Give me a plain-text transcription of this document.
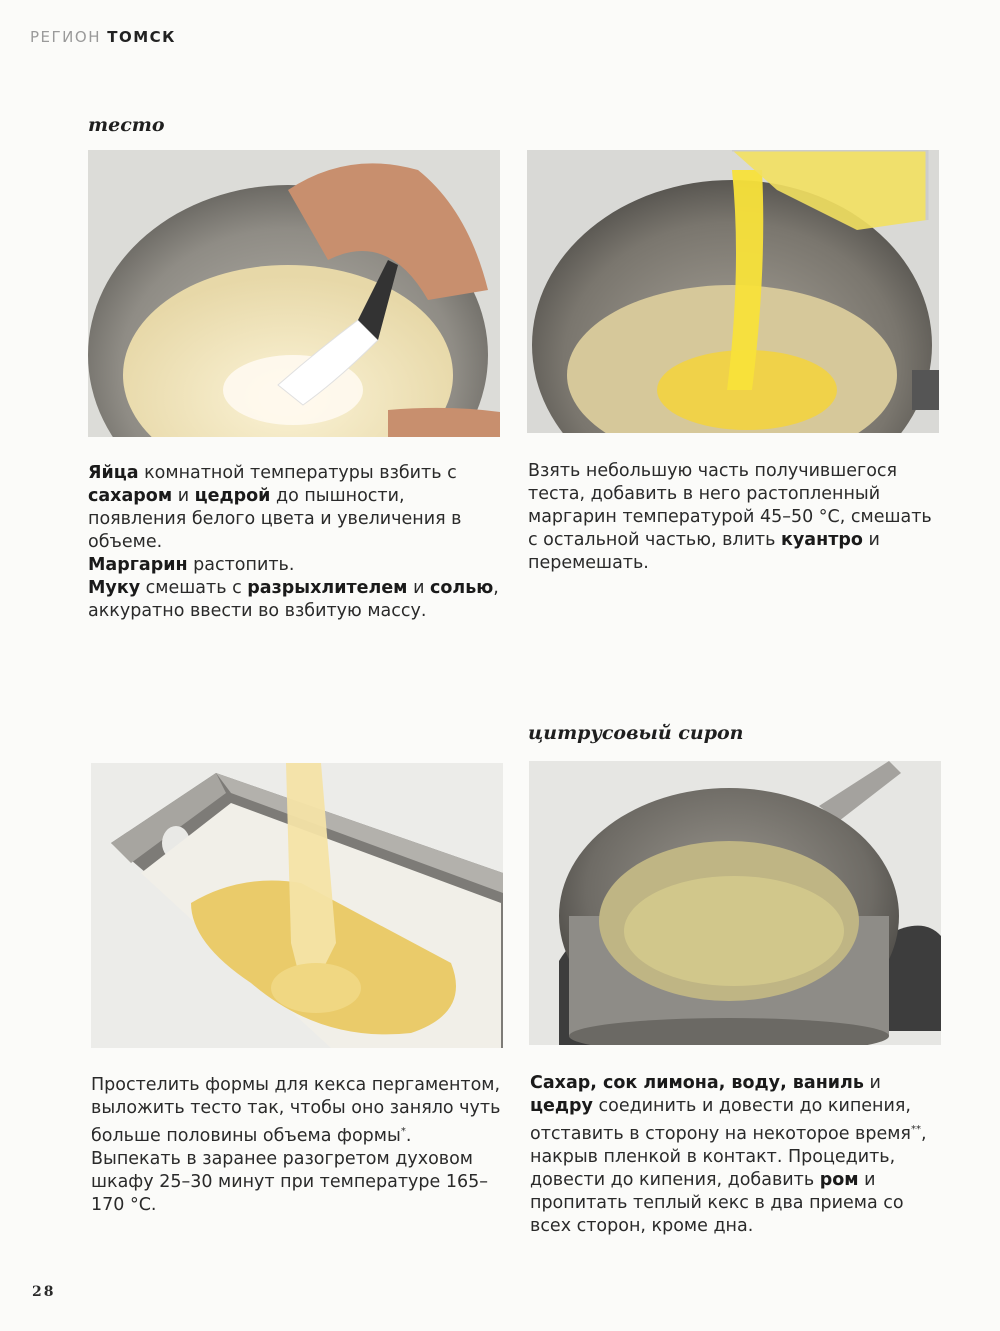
РЕГИОН ТОМСК
тесто

Яйца комнатной температуры взбить с сахаром и цедрой до пышности, появления белого цвета и увеличения в объеме.

Маргарин растопить.

Муку смешать с разрыхлителем и солью, аккуратно ввести во взбитую массу.

Взять небольшую часть получившегося теста, добавить в него растопленный маргарин температурой 45–50 °С, смешать с остальной частью, влить куантро и перемешать.

цитрусовый сироп

Простелить формы для кекса пергаментом, выложить тесто так, чтобы оно заняло чуть больше половины объема формы*.

Выпекать в заранее разогретом духовом шкафу 25–30 минут при температуре 165–170 °С.

Сахар, сок лимона, воду, ваниль и цедру соединить и довести до кипения, отставить в сторону на некоторое время**, накрыв пленкой в контакт. Процедить, довести до кипения, добавить ром и пропитать теплый кекс в два приема со всех сторон, кроме дна.

28
